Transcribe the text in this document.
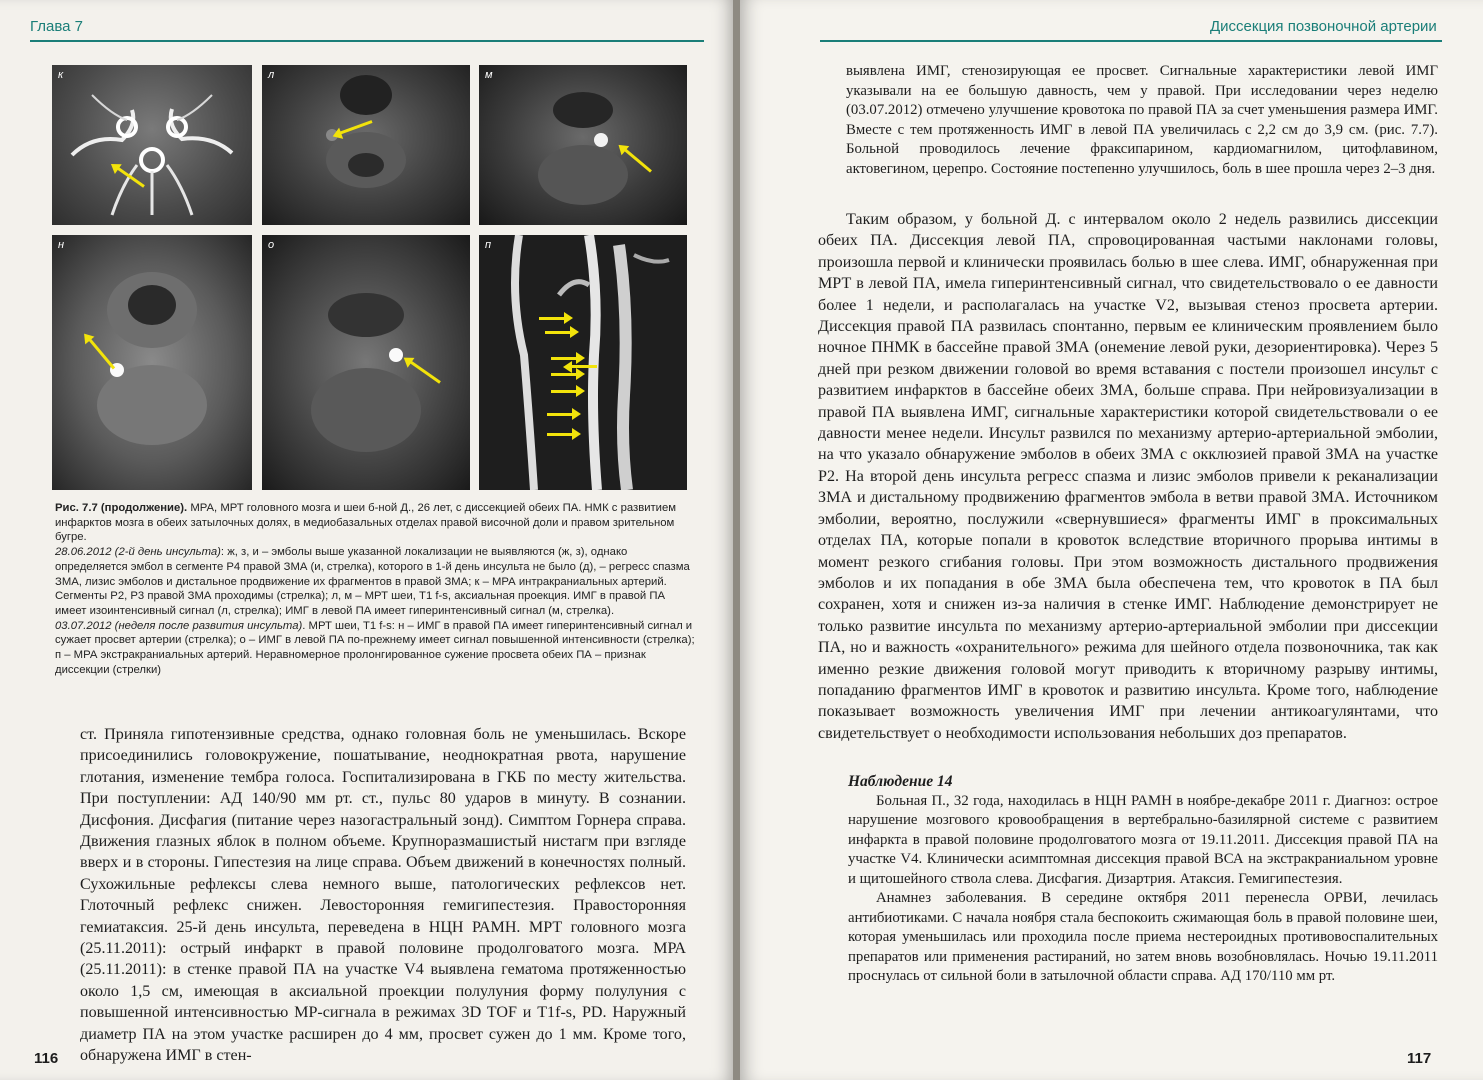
Глава 7
к	л	м
н	о	п

Рис. 7.7 (продолжение). МРА, МРТ головного мозга и шеи б-ной Д., 26 лет, с диссекцией обеих ПА. НМК с развитием инфарктов мозга в обеих затылочных долях, в медиобазальных отделах правой височной доли и правом зрительном бугре.

28.06.2012 (2-й день инсульта): ж, з, и – эмболы выше указанной локализации не выявляются (ж, з), однако определяется эмбол в сегменте Р4 правой ЗМА (и, стрелка), которого в 1-й день инсульта не было (д), – регресс спазма ЗМА, лизис эмболов и дистальное продвижение их фрагментов в правой ЗМА; к – МРА интракраниальных артерий. Сегменты Р2, Р3 правой ЗМА проходимы (стрелка); л, м – МРТ шеи, T1 f-s, аксиальная проекция. ИМГ в правой ПА имеет изоинтенсивный сигнал (л, стрелка); ИМГ в левой ПА имеет гиперинтенсивный сигнал (м, стрелка).

03.07.2012 (неделя после развития инсульта). МРТ шеи, T1 f-s: н – ИМГ в правой ПА имеет гиперинтенсивный сигнал и сужает просвет артерии (стрелка); о – ИМГ в левой ПА по-прежнему имеет сигнал повышенной интенсивности (стрелка); п – МРА экстракраниальных артерий. Неравномерное пролонгированное сужение просвета обеих ПА – признак диссекции (стрелки)

ст. Приняла гипотензивные средства, однако головная боль не уменьшилась. Вскоре присоединились головокружение, пошатывание, неоднократная рвота, нарушение глотания, изменение тембра голоса. Госпитализирована в ГКБ по месту жительства. При поступлении: АД 140/90 мм рт. ст., пульс 80 ударов в минуту. В сознании. Дисфония. Дисфагия (питание через назогастральный зонд). Симптом Горнера справа. Движения глазных яблок в полном объеме. Крупноразмашистый нистагм при взгляде вверх и в стороны. Гипестезия на лице справа. Объем движений в конечностях полный. Сухожильные рефлексы слева немного выше, патологических рефлексов нет. Глоточный рефлекс снижен. Левосторонняя гемигипестезия. Правосторонняя гемиатаксия. 25-й день инсульта, переведена в НЦН РАМН. МРТ головного мозга (25.11.2011): острый инфаркт в правой половине продолговатого мозга. МРА (25.11.2011): в стенке правой ПА на участке V4 выявлена гематома протяженностью около 1,5 см, имеющая в аксиальной проекции полулуния форму полулуния с повышенной интенсивностью МР-сигнала в режимах 3D TOF и T1f-s, PD. Наружный диаметр ПА на этом участке расширен до 4 мм, просвет сужен до 1 мм. Кроме того, обнаружена ИМГ в стен-

116
Диссекция позвоночной артерии

выявлена ИМГ, стенозирующая ее просвет. Сигнальные характеристики левой ИМГ указывали на ее большую давность, чем у правой. При исследовании через неделю (03.07.2012) отмечено улучшение кровотока по правой ПА за счет уменьшения размера ИМГ. Вместе с тем протяженность ИМГ в левой ПА увеличилась с 2,2 см до 3,9 см. (рис. 7.7). Больной проводилось лечение фраксипарином, кардиомагнилом, цитофлавином, актовегином, церепро. Состояние постепенно улучшилось, боль в шее прошла через 2–3 дня.

Таким образом, у больной Д. с интервалом около 2 недель развились диссекции обеих ПА. Диссекция левой ПА, спровоцированная частыми наклонами головы, произошла первой и клинически проявилась болью в шее слева. ИМГ, обнаруженная при МРТ в левой ПА, имела гиперинтенсивный сигнал, что свидетельствовало о ее давности более 1 недели, и располагалась на участке V2, вызывая стеноз просвета артерии. Диссекция правой ПА развилась спонтанно, первым ее клиническим проявлением было ночное ПНМК в бассейне правой ЗМА (онемение левой руки, дезориентировка). Через 5 дней при резком движении головой во время вставания с постели произошел инсульт с развитием инфарктов в бассейне обеих ЗМА, больше справа. При нейровизуализации в правой ПА выявлена ИМГ, сигнальные характеристики которой свидетельствовали о ее давности менее недели. Инсульт развился по механизму артерио-артериальной эмболии, на что указало обнаружение эмболов в обеих ЗМА с окклюзией правой ЗМА на участке Р2. На второй день инсульта регресс спазма и лизис эмболов привели к реканализации ЗМА и дистальному продвижению фрагментов эмбола в ветви правой ЗМА. Источником эмболии, вероятно, послужили «свернувшиеся» фрагменты ИМГ в проксимальных отделах ПА, которые попали в кровоток вследствие вторичного прорыва интимы в момент резкого сгибания головы. При этом возможность дистального продвижения эмболов и их попадания в обе ЗМА была обеспечена тем, что кровоток в ПА был сохранен, хотя и снижен из-за наличия в стенке ИМГ. Наблюдение демонстрирует не только развитие инсульта по механизму артерио-артериальной эмболии при диссекции ПА, но и важность «охранительного» режима для шейного отдела позвоночника, так как именно резкие движения головой могут приводить к вторичному разрыву интимы, попаданию фрагментов ИМГ в кровоток и развитию инсульта. Кроме того, наблюдение показывает возможность увеличения ИМГ при лечении антикоагулянтами, что свидетельствует о необходимости использования небольших доз препаратов.

Наблюдение 14

Больная П., 32 года, находилась в НЦН РАМН в ноябре-декабре 2011 г. Диагноз: острое нарушение мозгового кровообращения в вертебрально-базилярной системе с развитием инфаркта в правой половине продолговатого мозга от 19.11.2011. Диссекция правой ПА на участке V4. Клинически асимптомная диссекция правой ВСА на экстракраниальном уровне и щитошейного ствола слева. Дисфагия. Дизартрия. Атаксия. Гемигипестезия.

Анамнез заболевания. В середине октября 2011 перенесла ОРВИ, лечилась антибиотиками. С начала ноября стала беспокоить сжимающая боль в правой половине шеи, которая уменьшилась или проходила после приема нестероидных противовоспалительных препаратов или применения растираний, но затем вновь возобновлялась. Ночью 19.11.2011 проснулась от сильной боли в затылочной области справа. АД 170/110 мм рт.

117
